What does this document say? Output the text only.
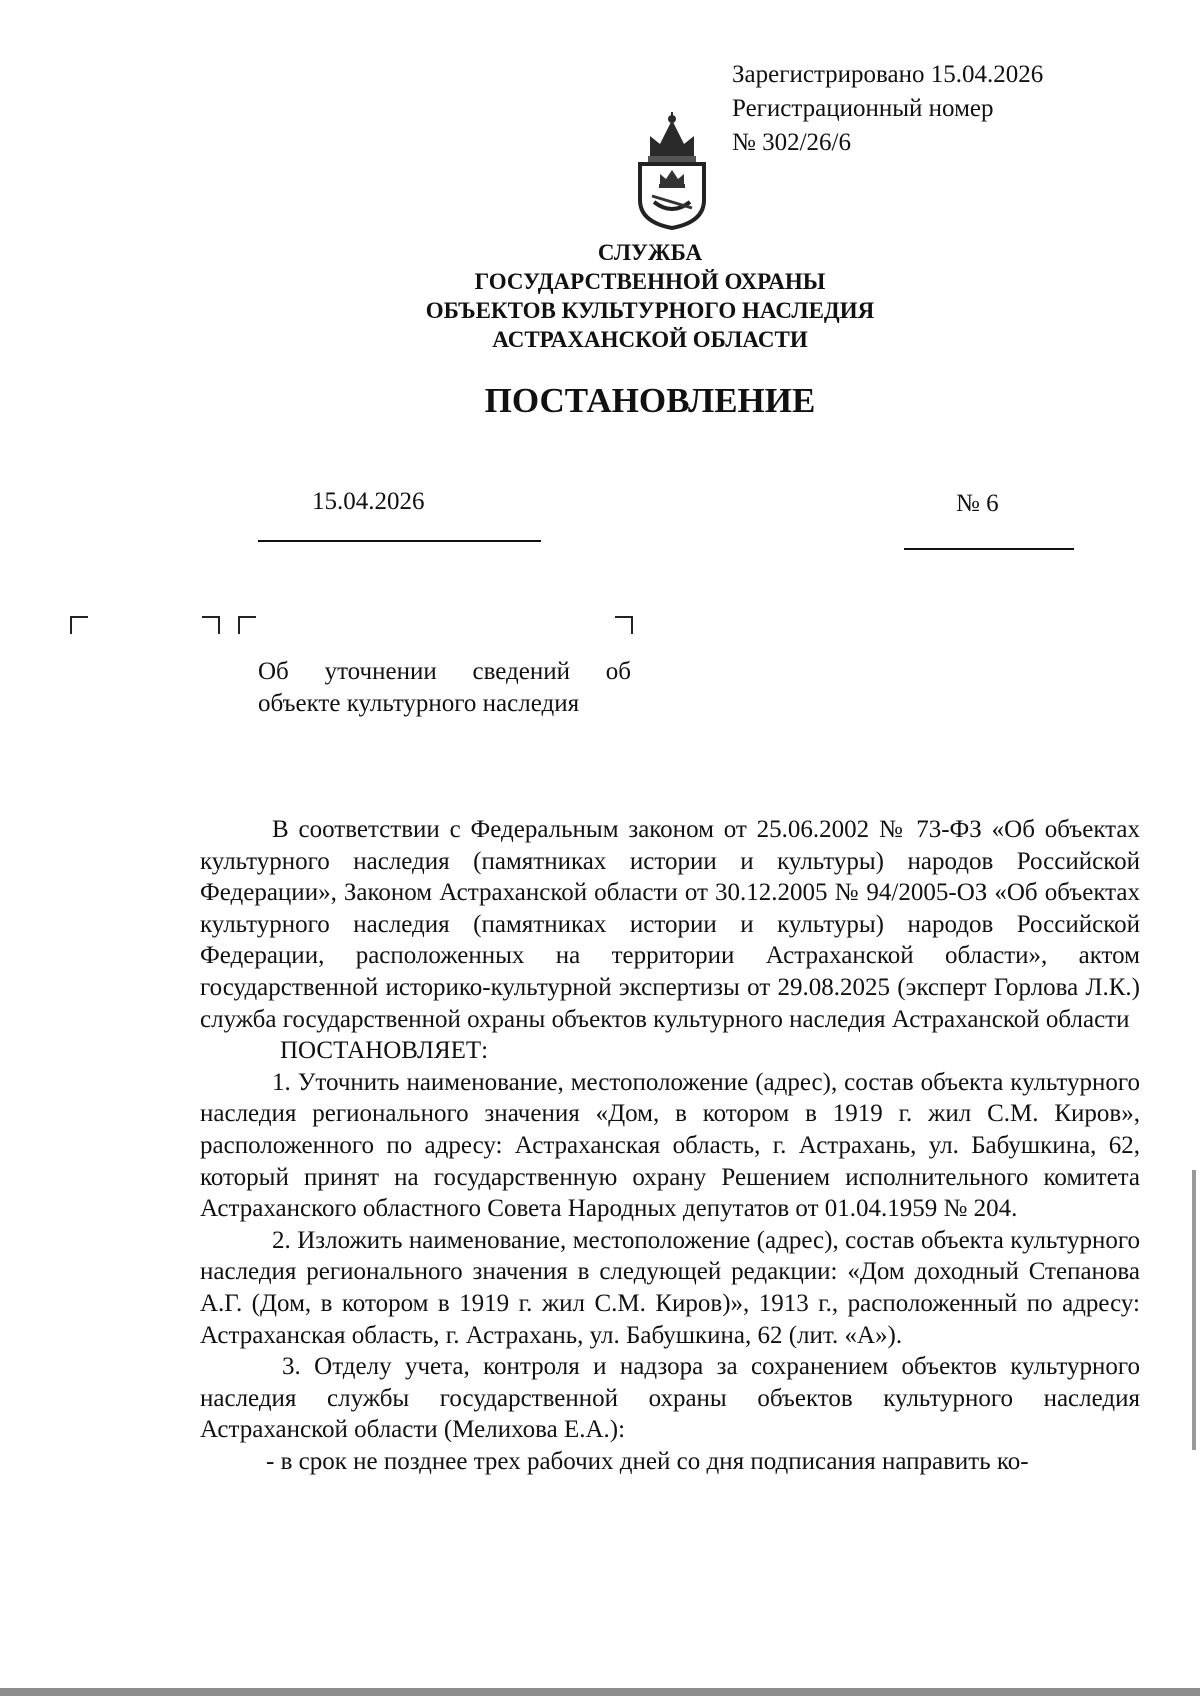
Зарегистрировано 15.04.2026
Регистрационный номер
№ 302/26/6
СЛУЖБА
ГОСУДАРСТВЕННОЙ ОХРАНЫ
ОБЪЕКТОВ КУЛЬТУРНОГО НАСЛЕДИЯ
АСТРАХАНСКОЙ ОБЛАСТИ
ПОСТАНОВЛЕНИЕ
15.04.2026	№ 6
Об уточнении сведений об
объекте культурного наследия

В соответствии с Федеральным законом от 25.06.2002 № 73-ФЗ «Об объектах культурного наследия (памятниках истории и культуры) народов Российской Федерации», Законом Астраханской области от 30.12.2005 № 94/2005-ОЗ «Об объектах культурного наследия (памятниках истории и культуры) народов Российской Федерации, расположенных на территории Астраханской области», актом государственной историко-культурной экспертизы от 29.08.2025 (эксперт Горлова Л.К.) служба государственной охраны объектов культурного наследия Астраханской области

ПОСТАНОВЛЯЕТ:

1. Уточнить наименование, местоположение (адрес), состав объекта культурного наследия регионального значения «Дом, в котором в 1919 г. жил С.М. Киров», расположенного по адресу: Астраханская область, г. Астрахань, ул. Бабушкина, 62, который принят на государственную охрану Решением исполнительного комитета Астраханского областного Совета Народных депутатов от 01.04.1959 № 204.

2. Изложить наименование, местоположение (адрес), состав объекта культурного наследия регионального значения в следующей редакции: «Дом доходный Степанова А.Г. (Дом, в котором в 1919 г. жил С.М. Киров)», 1913 г., расположенный по адресу: Астраханская область, г. Астрахань, ул. Бабушкина, 62 (лит. «А»).

3. Отделу учета, контроля и надзора за сохранением объектов культурного наследия службы государственной охраны объектов культурного наследия Астраханской области (Мелихова Е.А.):

- в срок не позднее трех рабочих дней со дня подписания направить ко-
